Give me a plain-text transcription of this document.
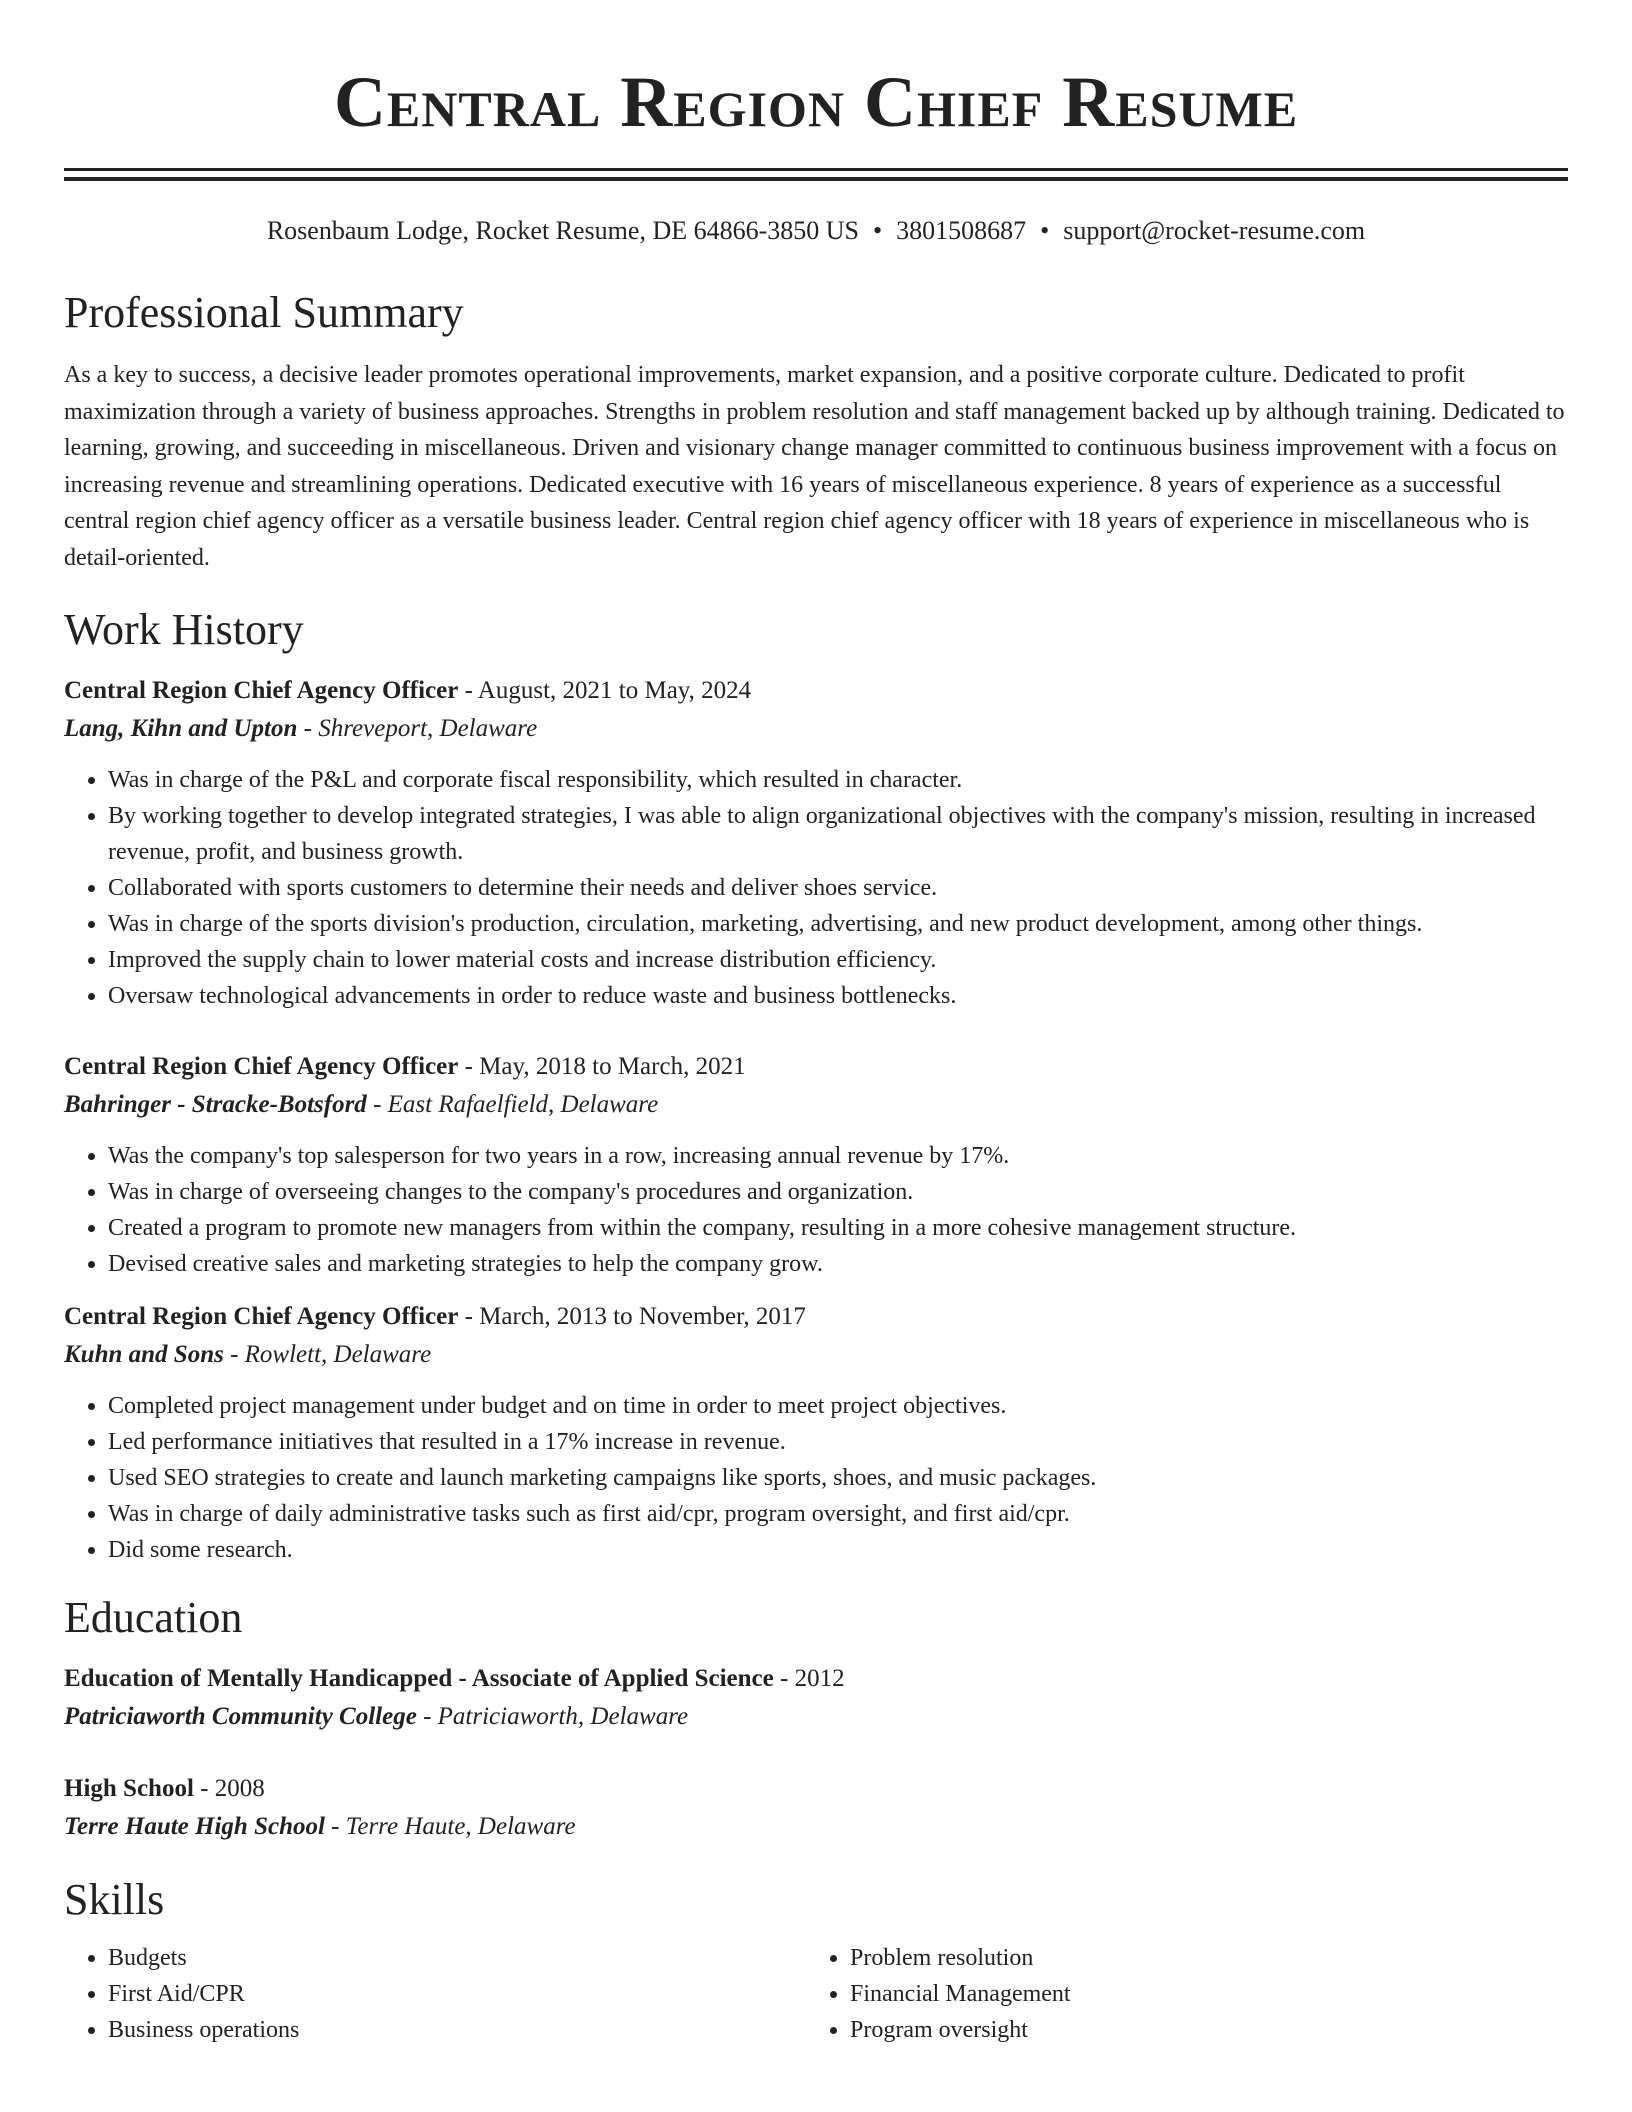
Central Region Chief Resume
Rosenbaum Lodge, Rocket Resume, DE 64866-3850 US • 3801508687 • support@rocket-resume.com
Professional Summary

As a key to success, a decisive leader promotes operational improvements, market expansion, and a positive corporate culture. Dedicated to profit maximization through a variety of business approaches. Strengths in problem resolution and staff management backed up by although training. Dedicated to learning, growing, and succeeding in miscellaneous. Driven and visionary change manager committed to continuous business improvement with a focus on increasing revenue and streamlining operations. Dedicated executive with 16 years of miscellaneous experience. 8 years of experience as a successful central region chief agency officer as a versatile business leader. Central region chief agency officer with 18 years of experience in miscellaneous who is detail-oriented.

Work History
Central Region Chief Agency Officer - August, 2021 to May, 2024
Lang, Kihn and Upton - Shreveport, Delaware
• Was in charge of the P&L and corporate fiscal responsibility, which resulted in character.
• By working together to develop integrated strategies, I was able to align organizational objectives with the company's mission, resulting in increased revenue, profit, and business growth.
• Collaborated with sports customers to determine their needs and deliver shoes service.
• Was in charge of the sports division's production, circulation, marketing, advertising, and new product development, among other things.
• Improved the supply chain to lower material costs and increase distribution efficiency.
• Oversaw technological advancements in order to reduce waste and business bottlenecks.
Central Region Chief Agency Officer - May, 2018 to March, 2021
Bahringer - Stracke-Botsford - East Rafaelfield, Delaware
• Was the company's top salesperson for two years in a row, increasing annual revenue by 17%.
• Was in charge of overseeing changes to the company's procedures and organization.
• Created a program to promote new managers from within the company, resulting in a more cohesive management structure.
• Devised creative sales and marketing strategies to help the company grow.
Central Region Chief Agency Officer - March, 2013 to November, 2017
Kuhn and Sons - Rowlett, Delaware
• Completed project management under budget and on time in order to meet project objectives.
• Led performance initiatives that resulted in a 17% increase in revenue.
• Used SEO strategies to create and launch marketing campaigns like sports, shoes, and music packages.
• Was in charge of daily administrative tasks such as first aid/cpr, program oversight, and first aid/cpr.
• Did some research.
Education
Education of Mentally Handicapped - Associate of Applied Science - 2012
Patriciaworth Community College - Patriciaworth, Delaware
High School - 2008
Terre Haute High School - Terre Haute, Delaware
Skills
• Budgets
• First Aid/CPR
• Business operations
• Problem resolution
• Financial Management
• Program oversight
